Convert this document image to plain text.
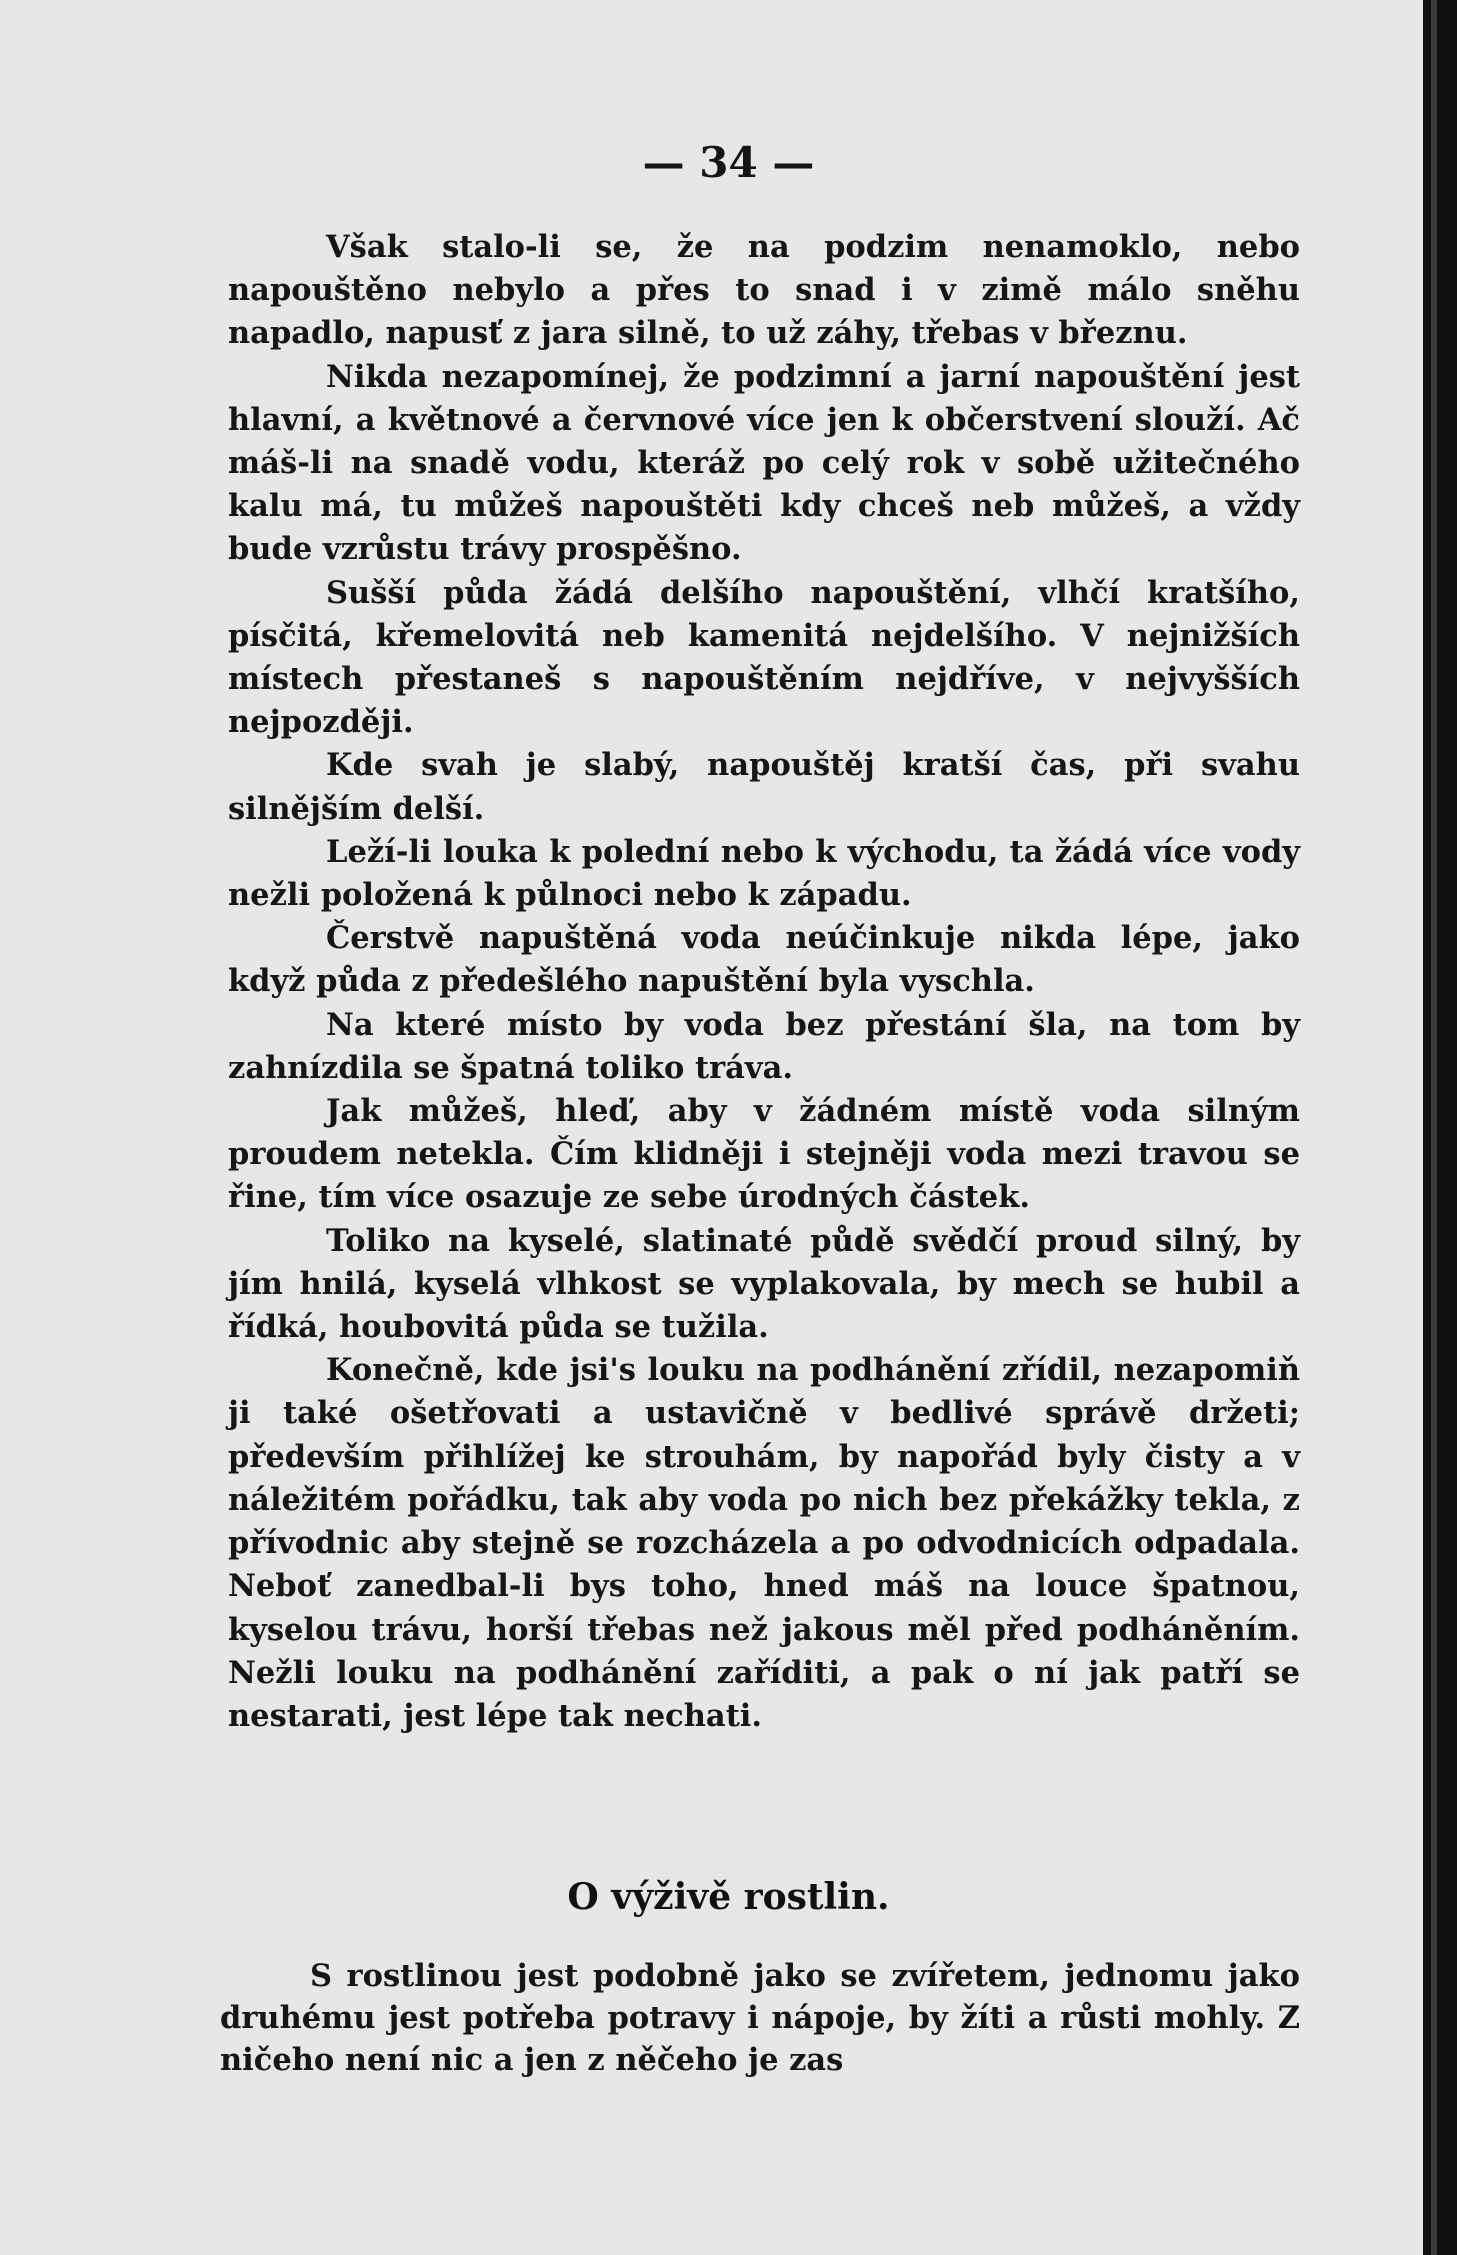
— 34 —

Však stalo-li se, že na podzim nenamoklo, nebo napouštěno nebylo a přes to snad i v zimě málo sněhu napadlo, napusť z jara silně, to už záhy, třebas v březnu.

Nikda nezapomínej, že podzimní a jarní napouštění jest hlavní, a květnové a červnové více jen k občerstvení slouží. Ač máš-li na snadě vodu, kteráž po celý rok v sobě užitečného kalu má, tu můžeš napouštěti kdy chceš neb můžeš, a vždy bude vzrůstu trávy prospěšno.

Sušší půda žádá delšího napouštění, vlhčí kratšího, písčitá, křemelovitá neb kamenitá nejdelšího. V nejnižších místech přestaneš s napouštěním nejdříve, v nejvyšších nejpozději.

Kde svah je slabý, napouštěj kratší čas, při svahu silnějším delší.

Leží-li louka k polední nebo k východu, ta žádá více vody nežli položená k půlnoci nebo k západu.

Čerstvě napuštěná voda neúčinkuje nikda lépe, jako když půda z předešlého napuštění byla vyschla.

Na které místo by voda bez přestání šla, na tom by zahnízdila se špatná toliko tráva.

Jak můžeš, hleď, aby v žádném místě voda silným proudem netekla. Čím klidněji i stejněji voda mezi travou se řine, tím více osazuje ze sebe úrodných částek.

Toliko na kyselé, slatinaté půdě svědčí proud silný, by jím hnilá, kyselá vlhkost se vyplakovala, by mech se hubil a řídká, houbovitá půda se tužila.

Konečně, kde jsi's louku na podhánění zřídil, nezapomiň ji také ošetřovati a ustavičně v bedlivé správě držeti; především přihlížej ke strouhám, by napořád byly čisty a v náležitém pořádku, tak aby voda po nich bez překážky tekla, z přívodnic aby stejně se rozcházela a po odvodnicích odpadala. Neboť zanedbal-li bys toho, hned máš na louce špatnou, kyselou trávu, horší třebas než jakous měl před podháněním. Nežli louku na podhánění zaříditi, a pak o ní jak patří se nestarati, jest lépe tak nechati.

O výživě rostlin.

S rostlinou jest podobně jako se zvířetem, jednomu jako druhému jest potřeba potravy i nápoje, by žíti a růsti mohly. Z ničeho není nic a jen z něčeho je zas
